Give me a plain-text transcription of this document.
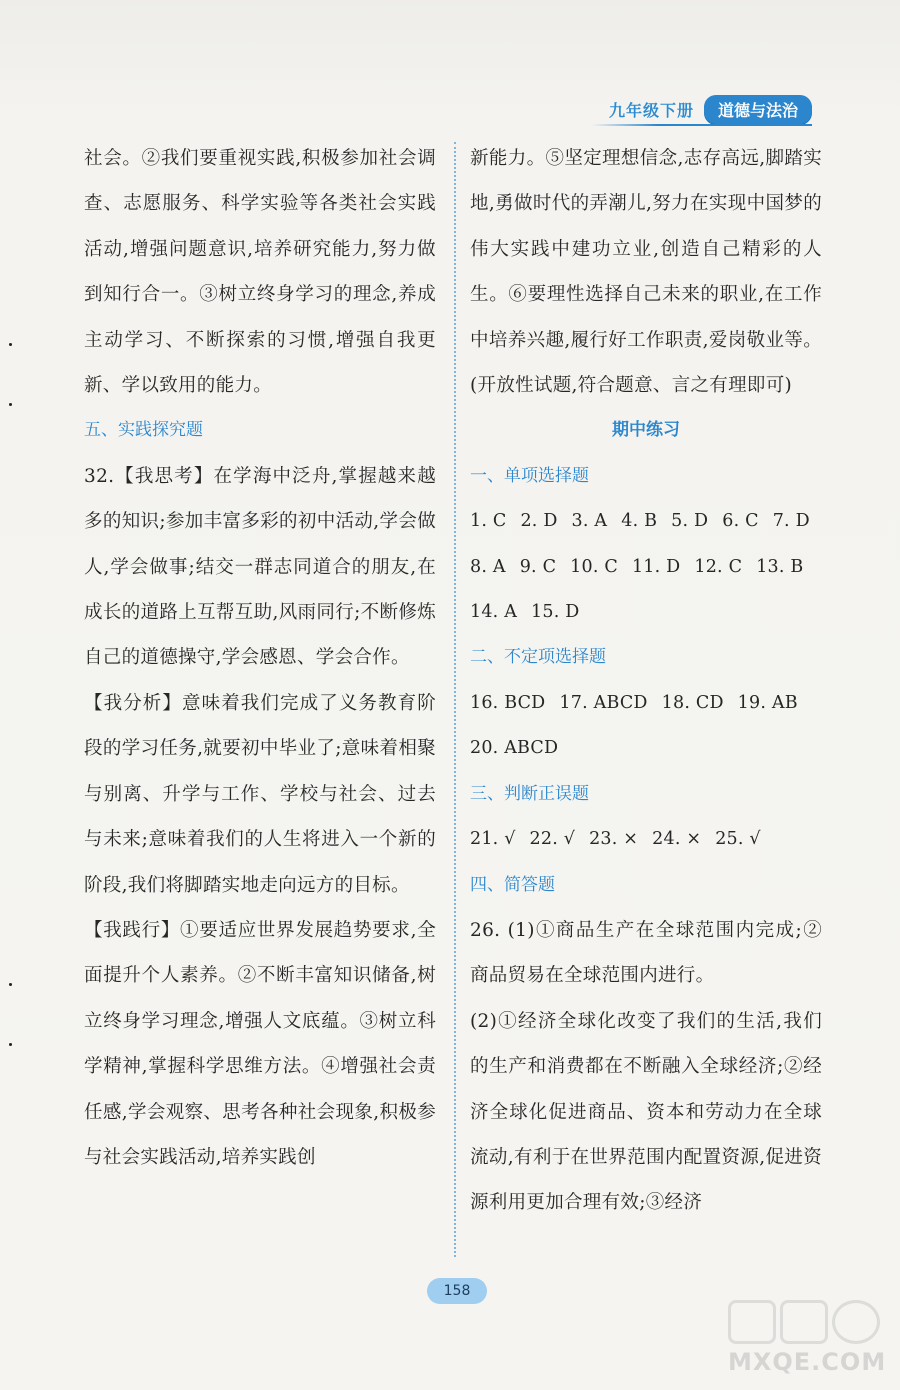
九年级下册	道德与法治

社会。②我们要重视实践,积极参加社会调查、志愿服务、科学实验等各类社会实践活动,增强问题意识,培养研究能力,努力做到知行合一。③树立终身学习的理念,养成主动学习、不断探索的习惯,增强自我更新、学以致用的能力。

五、实践探究题

32.【我思考】在学海中泛舟,掌握越来越多的知识;参加丰富多彩的初中活动,学会做人,学会做事;结交一群志同道合的朋友,在成长的道路上互帮互助,风雨同行;不断修炼自己的道德操守,学会感恩、学会合作。

【我分析】意味着我们完成了义务教育阶段的学习任务,就要初中毕业了;意味着相聚与别离、升学与工作、学校与社会、过去与未来;意味着我们的人生将进入一个新的阶段,我们将脚踏实地走向远方的目标。

【我践行】①要适应世界发展趋势要求,全面提升个人素养。②不断丰富知识储备,树立终身学习理念,增强人文底蕴。③树立科学精神,掌握科学思维方法。④增强社会责任感,学会观察、思考各种社会现象,积极参与社会实践活动,培养实践创

新能力。⑤坚定理想信念,志存高远,脚踏实地,勇做时代的弄潮儿,努力在实现中国梦的伟大实践中建功立业,创造自己精彩的人生。⑥要理性选择自己未来的职业,在工作中培养兴趣,履行好工作职责,爱岗敬业等。(开放性试题,符合题意、言之有理即可)

期中练习
一、单项选择题

1. C 2. D 3. A 4. B 5. D 6. C 7. D

8. A 9. C 10. C 11. D 12. C 13. B

14. A 15. D

二、不定项选择题

16. BCD 17. ABCD 18. CD 19. AB

20. ABCD

三、判断正误题

21. √ 22. √ 23. × 24. × 25. √

四、简答题

26. (1)①商品生产在全球范围内完成;②商品贸易在全球范围内进行。

(2)①经济全球化改变了我们的生活,我们的生产和消费都在不断融入全球经济;②经济全球化促进商品、资本和劳动力在全球流动,有利于在世界范围内配置资源,促进资源利用更加合理有效;③经济

158
MXQE.COM
